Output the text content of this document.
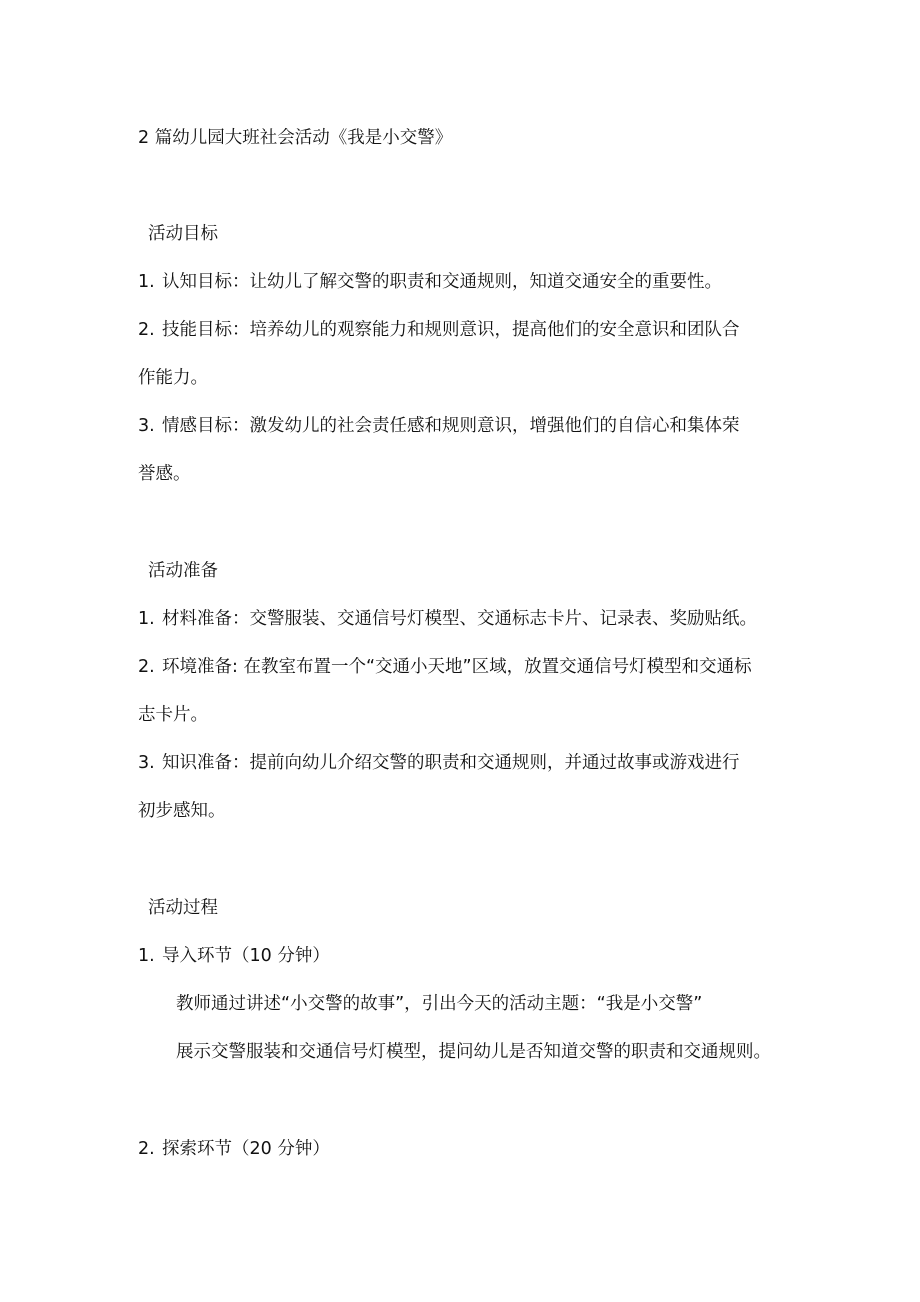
2 篇幼儿园大班社会活动《我是小交警》
活动目标
1. 认知目标：让幼儿了解交警的职责和交通规则，知道交通安全的重要性。
2. 技能目标：培养幼儿的观察能力和规则意识，提高他们的安全意识和团队合
作能力。
3. 情感目标：激发幼儿的社会责任感和规则意识，增强他们的自信心和集体荣
誉感。
活动准备
1. 材料准备：交警服装、交通信号灯模型、交通标志卡片、记录表、奖励贴纸。
2. 环境准备: 在教室布置一个“交通小天地”区域，放置交通信号灯模型和交通标
志卡片。
3. 知识准备：提前向幼儿介绍交警的职责和交通规则，并通过故事或游戏进行
初步感知。
活动过程
1. 导入环节（10 分钟）
教师通过讲述“小交警的故事”，引出今天的活动主题：“我是小交警”
展示交警服装和交通信号灯模型，提问幼儿是否知道交警的职责和交通规则。
2. 探索环节（20 分钟）
